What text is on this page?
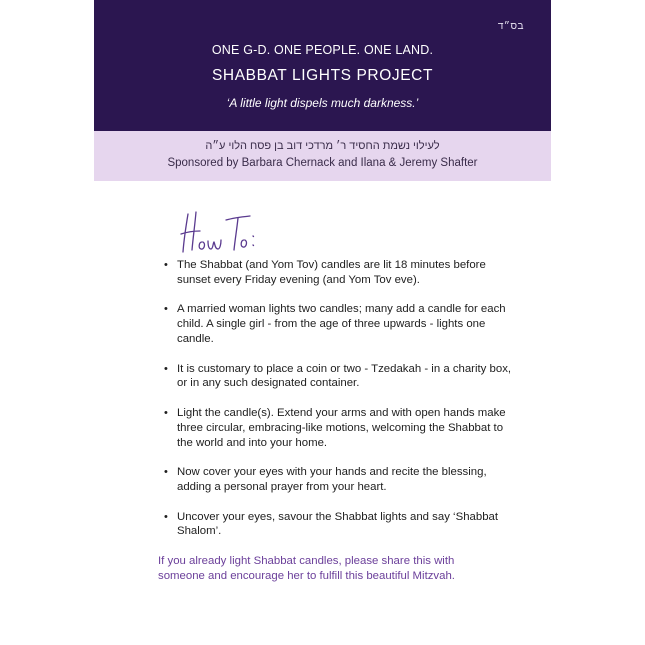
בס״ד
ONE G-D. ONE PEOPLE. ONE LAND.
SHABBAT LIGHTS PROJECT
‘A little light dispels much darkness.’
לעילוי נשמת החסיד ר׳ מרדכי דוב בן פסח הלוי ע״ה
Sponsored by Barbara Chernack and Ilana & Jeremy Shafter
• The Shabbat (and Yom Tov) candles are lit 18 minutes before sunset every Friday evening (and Yom Tov eve).
• A married woman lights two candles; many add a candle for each child. A single girl - from the age of three upwards - lights one candle.
• It is customary to place a coin or two - Tzedakah - in a charity box, or in any such designated container.
• Light the candle(s). Extend your arms and with open hands make three circular, embracing-like motions, welcoming the Shabbat to the world and into your home.
• Now cover your eyes with your hands and recite the blessing, adding a personal prayer from your heart.
• Uncover your eyes, savour the Shabbat lights and say ‘Shabbat Shalom’.
If you already light Shabbat candles, please share this with someone and encourage her to fulfill this beautiful Mitzvah.
